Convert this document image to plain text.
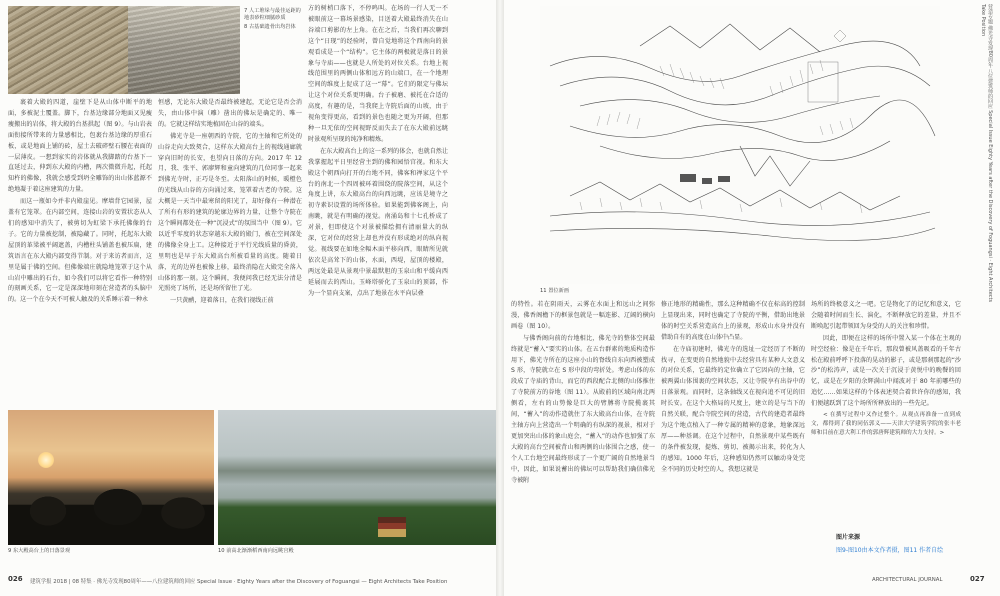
7 人工堆垛与最佳运距的地表砂粒细腻砂质
8 古基础遗骨出均岩体

裹着大殿的四道，崖壁下是从山体中断平的地面，多被泥土覆盖。脚下，台基边缘部分地面又见瘦痩搬出的岩体，将大殿的台基拱起（图 9）。与山岩表面衔接所带来的力量感相比，包裹台基边缘的厚重石板，或是地面上铺的砖，屋土去破碎壁石腰在表面的一层薄皮。一想到家实的岩体就从我脚踏的台基下一直延过去，伸到东大殿的内槽，两次微微升起，托起知杵的佛像，我就会感受到坍全雕饰的出山体蓝源不绝地凝于着这座建筑的力量。

而这一瓶如今并非内殿崖见。摩墙背它园景，屋盖有它笼罩。在内部空间，连接山岩的安置状态从人们的感知中消失了，被剪切为虹梁下承托佛像的台子。它的力量被挖制，被隐藏了。同时，托起东大殿屋顶的革梁被平阔遮盖，内槽柱头铺盖也被压扁，建筑语言在东大殿内部变得节制。对于来访者而言，这里是属于佛的空间。但佛像端庄就隐地笼罩于这个从山岩中雕出的石台，如今我们可以将它看作一种特别的刻画关系，它一定是深深地印刻在营造者的头脑中的。这一个在今天不可被人触及的关系睡示着一种永

恒感，无论东大殿是否最终被建起，无论它是否会消失，由山体中演（雕）凿出的佛坛是确定的、唯一的。它就这样结实地植固在山谷的端头。

佛光寺是一座朝西的寺院，它的主轴和它所处的山谷走向大致契合，这样东大殿高台上的视线通廊就穿向旧时的长安，也望向日落的方向。2017 年 12 月，我、张平、郭廖辉和童向建筑的几位同事一起来到佛光寺时，正巧是冬至。太阳落山的时候，暖橙色的光线从山谷的方向涌过来，笼罩着古老的寺院。这大概是一天当中最寒留的阳光了，却好像有一种潜在了所有有形的建筑的轮廓边界的力量，让整个寺院在这个瞬间都处在一种“沉浸式”的氛围当中（图 9）。它以近乎零度的状态穿越东大殿的殿门，被在空间深处的佛像全身上工。这种接近于平行光线质量的昏黄，里明也是早于东大殿高台所被看量的高度。随着日落，光的边界也被像上移，最终消隐在大殿完全落入山体的那一刻。这个瞬间，我便问我已经无法分清是光照亮了场所，还是场所留住了光。

一只黄鹂，迎着落日，在我们视线正前

方的树梢口落下，不停鸣叫。在场的一行人无一不被眼前这一幕场景感染，目送着大殿最终消失在山谷端口剪影的左上角。在在之后，当我们再次聊到这个“日现”的经验时，曾自觉地将这个西南向的景观看成是一个“结构”。它主体的两极就是落日的景象与寺庙——也就是人所处的对位关系。台地上视线范围里的两侧山体和远方的山端口，在一个地理空间的维度上促成了这一“幕”。它们的限定与佛坛让这个对位关系更明确。台子被磨、被托在合适的高度，有趣的是，当我爬上寺院后面的山坡，由于视角变得更高，看到的景色也随之更为开阔，但那种一旦无依的空间视野反而失去了在东大殿前远眺时景观所呈现的纯净和精炼。

在东大殿高台上的这一系列的体会，也就自然让我掌握起平日里经营主到的佛和园悟宫视。和东大殿这个朝西向打开的台地不同，佛客和禅家这个平台的南北一个四周被环着围绕的院落空间，从这个角度上讲，东大殿高台的向西远眺，应该是境寺之初寺素识设置的场所体验。如果能到佛客阁上，向南眺，就是有明确的视觉。南涌岛和十七孔桥成了对景，但即使这个对景被描绘拥有清丽量大的纵深，它对位的经营上却也并没有形成绝对的纵向视觉。视线要在如地全幅木面平移向西，眼睛所见就依次是高耸下的山体，水面，西堤，屋顶的楼殿，两远处最是从景观中景最默胆的玉泉山和平缓向西延展而去的西山。玉峰塔骄化了玉泉山的顶部，作为一个显向支案，点出了地景在水平向层叠

9 东大殿高台上的日落景观	10 前高北渐渐稻西南向远眺宫殿
11 置位新画	营造专题 佛光寺发现80周年·八位建筑师的回应 Special Issue Eighty Years after the Discovery of Foguangsi · Eight Architects Take Position

的特性。若在阴雨天，云雾在水面上和远山之间弥漫，佛香阁檐下的框景包就是一幅连影、辽阔的横向画卷（图 10）。

与佛香阁向前的台地相比，佛光寺的整体空间最终就是“蓄入”要实的山体。在五台群素的地质构造作用下，佛光寺所在的这座小山的脊线自东向西被塑成 S 形，寺院就立在 S 形中段的弯折处。考虑山体的东段成了寺庙的背山，而它的西段配合北侧的山体推住了寺院前方的谷地（图 11）。从殿前的区域向南北两侧看，左右的山势像是巨大的臂膊将寺院揽裹其间，“蓄入”的动作造就住了东大殿高台山体，在寺院主轴方向上营造出一个明确的有纵深的视景，相对于更加突出山体的象山庭会，“蓄入”的动作也加强了东大殿的高台空间被背山和两侧的山体围合之感，使一个人工台地空间最终形成了一个更广阔的自然地景当中，因此，如果说蓄出的佛坛可以帮助我们确信佛光寺被附

修正地形的精确性，那么这种精确不仅在标高的控制上显现出来，同时也确定了寺院的平衡，借助出地景体的时空关系营造高台上的景观，形成山水身并没有借助自有的高度在山体中凸显。

在寺庙初建时，佛光寺的选址一定经历了不断的找寻，在变更的自然地貌中去经营具有某种人文意义的对位关系，它最终的定位确立了它因向的主轴，它被两翼山体围裹的空间状态，又让寺院享有出谷中的日落景观。而同时，这条轴线又在视向追不可见的旧时长安。在这个大格局的尺度上，建立的是与当下的自然关联，配合寺院空间的营造，古代的建造者最终为这个地点植入了一种专属的精神的意象，地象深远厚——种基调。在这个过程中，自然景观中某些既有的条件被发现，提炼、剪切、被揭示出来，转化为人的感知。1000 年后，这种感知仍然可以触动身处完全不同的历史时空的人，我想这就是

场所的终极意义之一吧。它是物化了的记忆和意义，它会随着时间而生长、演化，不断释放它的差量，并且不断唤起引起带领回为身受的人的关注和珍惜。

因此，即便在这样的场所中置入某一个体在主观的时空经验：像是在千年后，那段曾被风盖吸看的千年古松在殿前呼呼下投落的晃动的影子，或是那刹那起的“沙沙”的松涛声，或是一次关于沉浸于黄悦中的晚餐的回忆，或是在夕阳的余辉满山中闻波对于 80 年前哪些的追忆……如果这样的个体表述契合着世许你的感知，我们便越跃到了这个场所所释放出的一些先记。

< 在撰写过程中又作过整个。从观点再准备一直到成文，都得到了我的同伍郭义——天津大学建筑学院的张丰老师和目前在意大利工作的郭唐辉建筑师的大力支持。>

图片来源
图9-图10由本文作者摄，图11 作者自绘
026 建筑学报 2018 | 08 特集 · 佛光寺发现80周年——八位建筑师的回应 Special Issue · Eighty Years after the Discovery of Foguangsi — Eight Architects Take Position	ARCHITECTURAL JOURNAL	027
